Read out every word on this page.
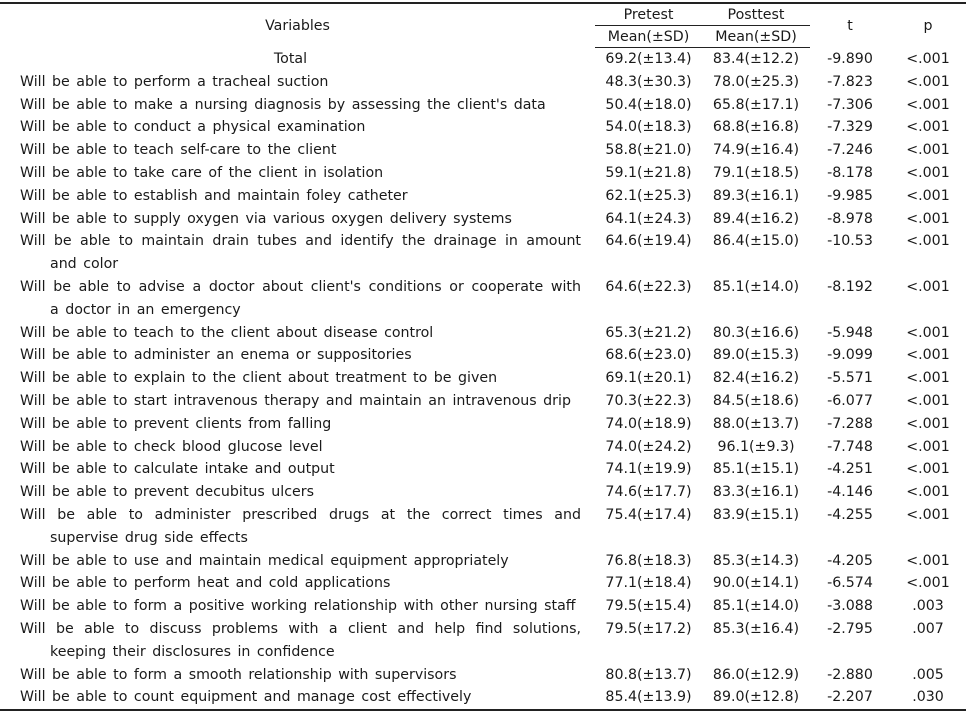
Variables	Pretest	Posttest	t	p
	Mean(±SD)	Mean(±SD)		

Total	69.2(±13.4)	83.4(±12.2)	-9.890	<.001

Will be able to perform a tracheal suction	48.3(±30.3)	78.0(±25.3)	-7.823	<.001

Will be able to make a nursing diagnosis by assessing the client's data	50.4(±18.0)	65.8(±17.1)	-7.306	<.001

Will be able to conduct a physical examination	54.0(±18.3)	68.8(±16.8)	-7.329	<.001

Will be able to teach self-care to the client	58.8(±21.0)	74.9(±16.4)	-7.246	<.001

Will be able to take care of the client in isolation	59.1(±21.8)	79.1(±18.5)	-8.178	<.001

Will be able to establish and maintain foley catheter	62.1(±25.3)	89.3(±16.1)	-9.985	<.001

Will be able to supply oxygen via various oxygen delivery systems	64.1(±24.3)	89.4(±16.2)	-8.978	<.001

Will be able to maintain drain tubes and identify the drainage in amount and color	64.6(±19.4)	86.4(±15.0)	-10.53	<.001

Will be able to advise a doctor about client's conditions or cooperate with a doctor in an emergency	64.6(±22.3)	85.1(±14.0)	-8.192	<.001

Will be able to teach to the client about disease control	65.3(±21.2)	80.3(±16.6)	-5.948	<.001

Will be able to administer an enema or suppositories	68.6(±23.0)	89.0(±15.3)	-9.099	<.001

Will be able to explain to the client about treatment to be given	69.1(±20.1)	82.4(±16.2)	-5.571	<.001

Will be able to start intravenous therapy and maintain an intravenous drip	70.3(±22.3)	84.5(±18.6)	-6.077	<.001

Will be able to prevent clients from falling	74.0(±18.9)	88.0(±13.7)	-7.288	<.001

Will be able to check blood glucose level	74.0(±24.2)	96.1(±9.3)	-7.748	<.001

Will be able to calculate intake and output	74.1(±19.9)	85.1(±15.1)	-4.251	<.001

Will be able to prevent decubitus ulcers	74.6(±17.7)	83.3(±16.1)	-4.146	<.001

Will be able to administer prescribed drugs at the correct times and supervise drug side effects	75.4(±17.4)	83.9(±15.1)	-4.255	<.001

Will be able to use and maintain medical equipment appropriately	76.8(±18.3)	85.3(±14.3)	-4.205	<.001

Will be able to perform heat and cold applications	77.1(±18.4)	90.0(±14.1)	-6.574	<.001

Will be able to form a positive working relationship with other nursing staff	79.5(±15.4)	85.1(±14.0)	-3.088	.003

Will be able to discuss problems with a client and help find solutions, keeping their disclosures in confidence	79.5(±17.2)	85.3(±16.4)	-2.795	.007

Will be able to form a smooth relationship with supervisors	80.8(±13.7)	86.0(±12.9)	-2.880	.005

Will be able to count equipment and manage cost effectively	85.4(±13.9)	89.0(±12.8)	-2.207	.030
